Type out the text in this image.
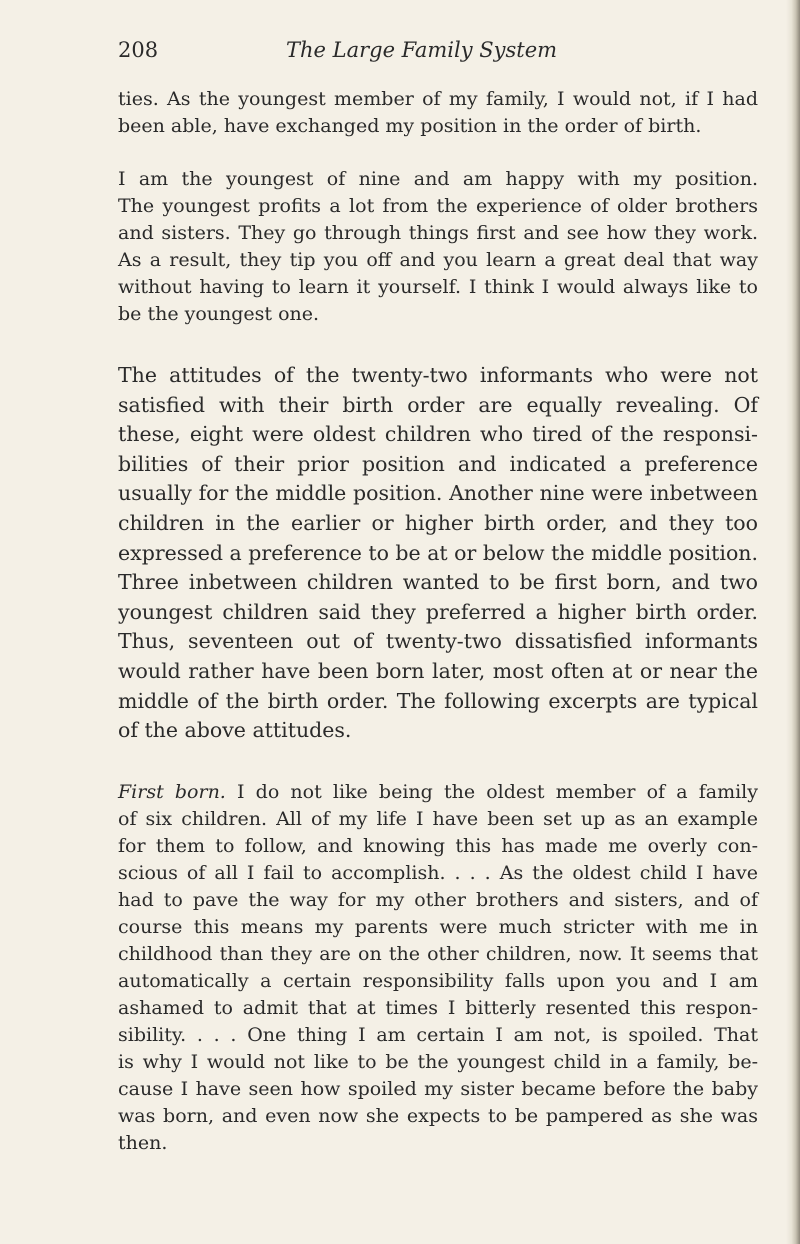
208	The Large Family System
ties. As the youngest member of my family, I would not, if I had
been able, have exchanged my position in the order of birth.
I am the youngest of nine and am happy with my position.
The youngest profits a lot from the experience of older brothers
and sisters. They go through things first and see how they work.
As a result, they tip you off and you learn a great deal that way
without having to learn it yourself. I think I would always like to
be the youngest one.
The attitudes of the twenty-two informants who were not
satisfied with their birth order are equally revealing. Of
these, eight were oldest children who tired of the responsi-
bilities of their prior position and indicated a preference
usually for the middle position. Another nine were inbetween
children in the earlier or higher birth order, and they too
expressed a preference to be at or below the middle position.
Three inbetween children wanted to be first born, and two
youngest children said they preferred a higher birth order.
Thus, seventeen out of twenty-two dissatisfied informants
would rather have been born later, most often at or near the
middle of the birth order. The following excerpts are typical
of the above attitudes.
First born. I do not like being the oldest member of a family
of six children. All of my life I have been set up as an example
for them to follow, and knowing this has made me overly con-
scious of all I fail to accomplish. . . . As the oldest child I have
had to pave the way for my other brothers and sisters, and of
course this means my parents were much stricter with me in
childhood than they are on the other children, now. It seems that
automatically a certain responsibility falls upon you and I am
ashamed to admit that at times I bitterly resented this respon-
sibility. . . . One thing I am certain I am not, is spoiled. That
is why I would not like to be the youngest child in a family, be-
cause I have seen how spoiled my sister became before the baby
was born, and even now she expects to be pampered as she was
then.
